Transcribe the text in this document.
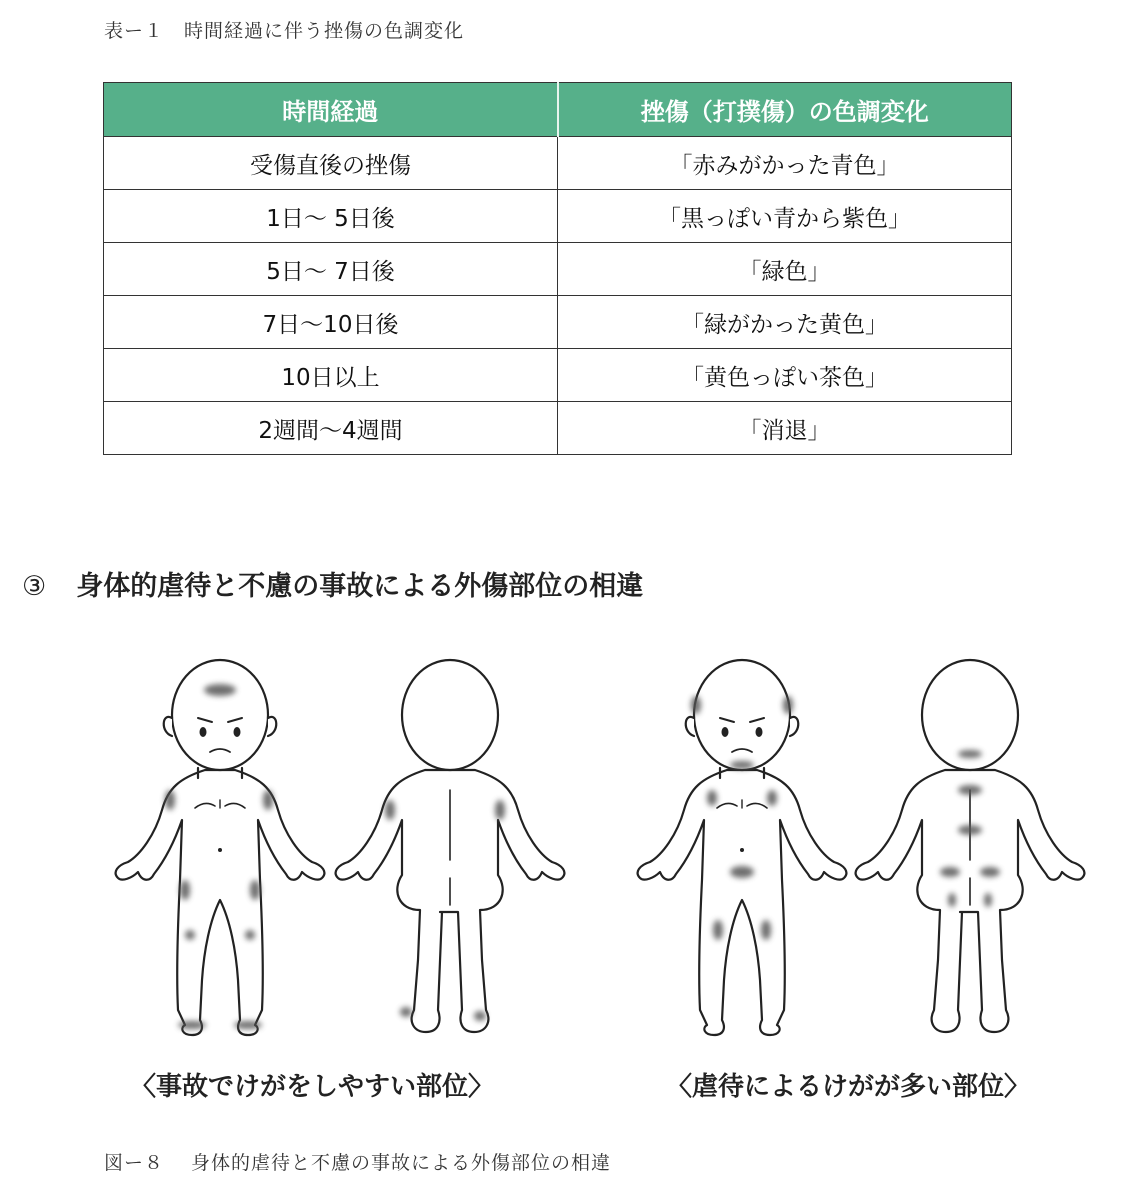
表ー１　時間経過に伴う挫傷の色調変化
時間経過	挫傷（打撲傷）の色調変化
受傷直後の挫傷	「赤みがかった青色」
1日〜 5日後	「黒っぽい青から紫色」
5日〜 7日後	「緑色」
7日〜10日後	「緑がかった黄色」
10日以上	「黄色っぽい茶色」
2週間〜4週間	「消退」
③ 身体的虐待と不慮の事故による外傷部位の相違
〈事故でけがをしやすい部位〉	〈虐待によるけがが多い部位〉
図ー８　 身体的虐待と不慮の事故による外傷部位の相違
